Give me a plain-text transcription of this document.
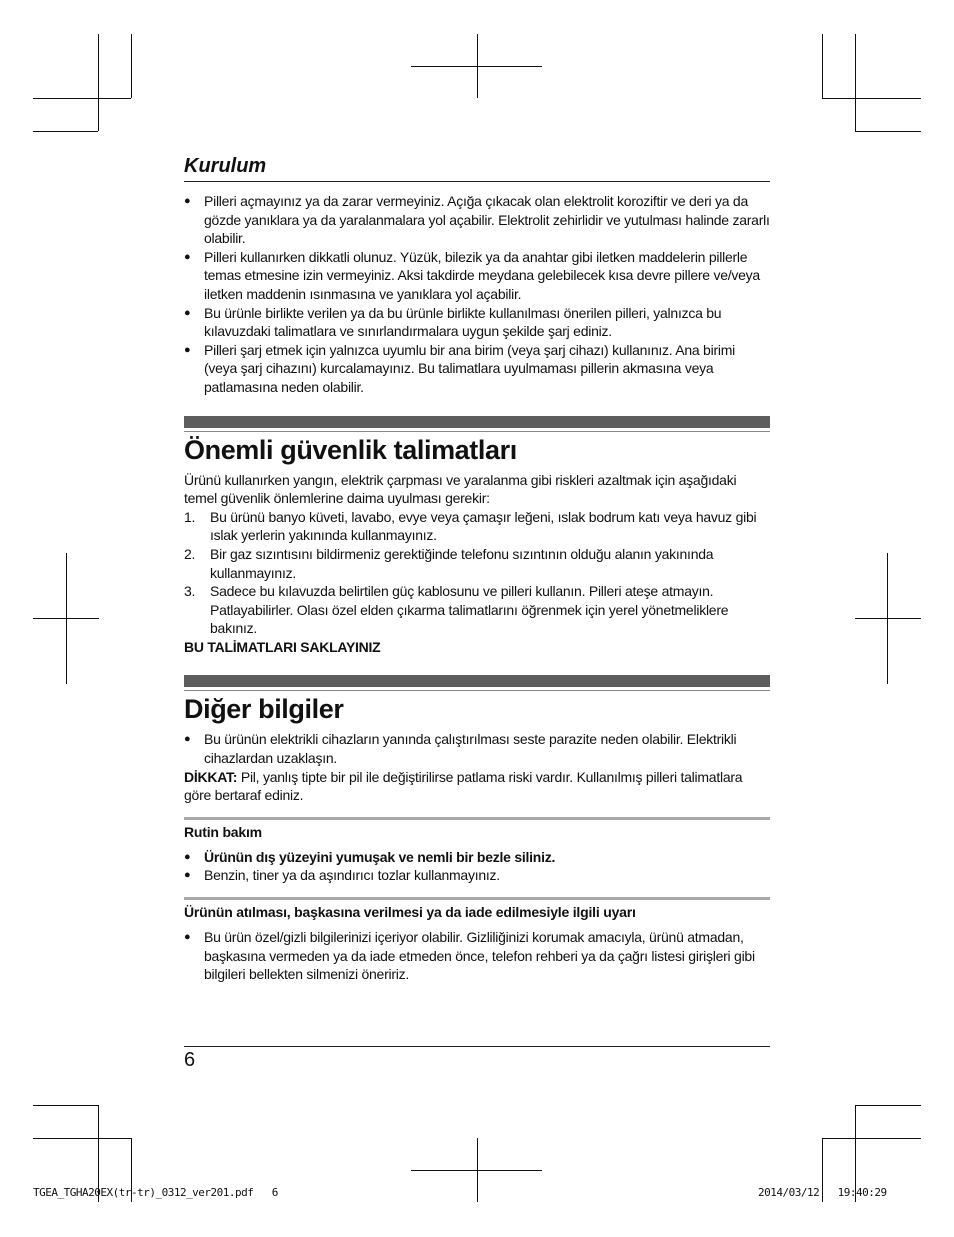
Kurulum
● Pilleri açmayınız ya da zarar vermeyiniz. Açığa çıkacak olan elektrolit koroziftir ve deri ya da gözde yanıklara ya da yaralanmalara yol açabilir. Elektrolit zehirlidir ve yutulması halinde zararlı olabilir.
● Pilleri kullanırken dikkatli olunuz. Yüzük, bilezik ya da anahtar gibi iletken maddelerin pillerle temas etmesine izin vermeyiniz. Aksi takdirde meydana gelebilecek kısa devre pillere ve/veya iletken maddenin ısınmasına ve yanıklara yol açabilir.
● Bu ürünle birlikte verilen ya da bu ürünle birlikte kullanılması önerilen pilleri, yalnızca bu kılavuzdaki talimatlara ve sınırlandırmalara uygun şekilde şarj ediniz.
● Pilleri şarj etmek için yalnızca uyumlu bir ana birim (veya şarj cihazı) kullanınız. Ana birimi (veya şarj cihazını) kurcalamayınız. Bu talimatlara uyulmaması pillerin akmasına veya patlamasına neden olabilir.
Önemli güvenlik talimatları

Ürünü kullanırken yangın, elektrik çarpması ve yaralanma gibi riskleri azaltmak için aşağıdaki temel güvenlik önlemlerine daima uyulması gerekir:

1. Bu ürünü banyo küveti, lavabo, evye veya çamaşır leğeni, ıslak bodrum katı veya havuz gibi ıslak yerlerin yakınında kullanmayınız.
2. Bir gaz sızıntısını bildirmeniz gerektiğinde telefonu sızıntının olduğu alanın yakınında kullanmayınız.
3. Sadece bu kılavuzda belirtilen güç kablosunu ve pilleri kullanın. Pilleri ateşe atmayın. Patlayabilirler. Olası özel elden çıkarma talimatlarını öğrenmek için yerel yönetmeliklere bakınız.

BU TALİMATLARI SAKLAYINIZ

Diğer bilgiler
● Bu ürünün elektrikli cihazların yanında çalıştırılması seste parazite neden olabilir. Elektrikli cihazlardan uzaklaşın.

DİKKAT: Pil, yanlış tipte bir pil ile değiştirilirse patlama riski vardır. Kullanılmış pilleri talimatlara göre bertaraf ediniz.

Rutin bakım
● Ürünün dış yüzeyini yumuşak ve nemli bir bezle siliniz.
● Benzin, tiner ya da aşındırıcı tozlar kullanmayınız.
Ürünün atılması, başkasına verilmesi ya da iade edilmesiyle ilgili uyarı
● Bu ürün özel/gizli bilgilerinizi içeriyor olabilir. Gizliliğinizi korumak amacıyla, ürünü atmadan, başkasına vermeden ya da iade etmeden önce, telefon rehberi ya da çağrı listesi girişleri gibi bilgileri bellekten silmenizi öneririz.
6
TGEA_TGHA20EX(tr-tr)_0312_ver201.pdf   6	2014/03/12   19:40:29
